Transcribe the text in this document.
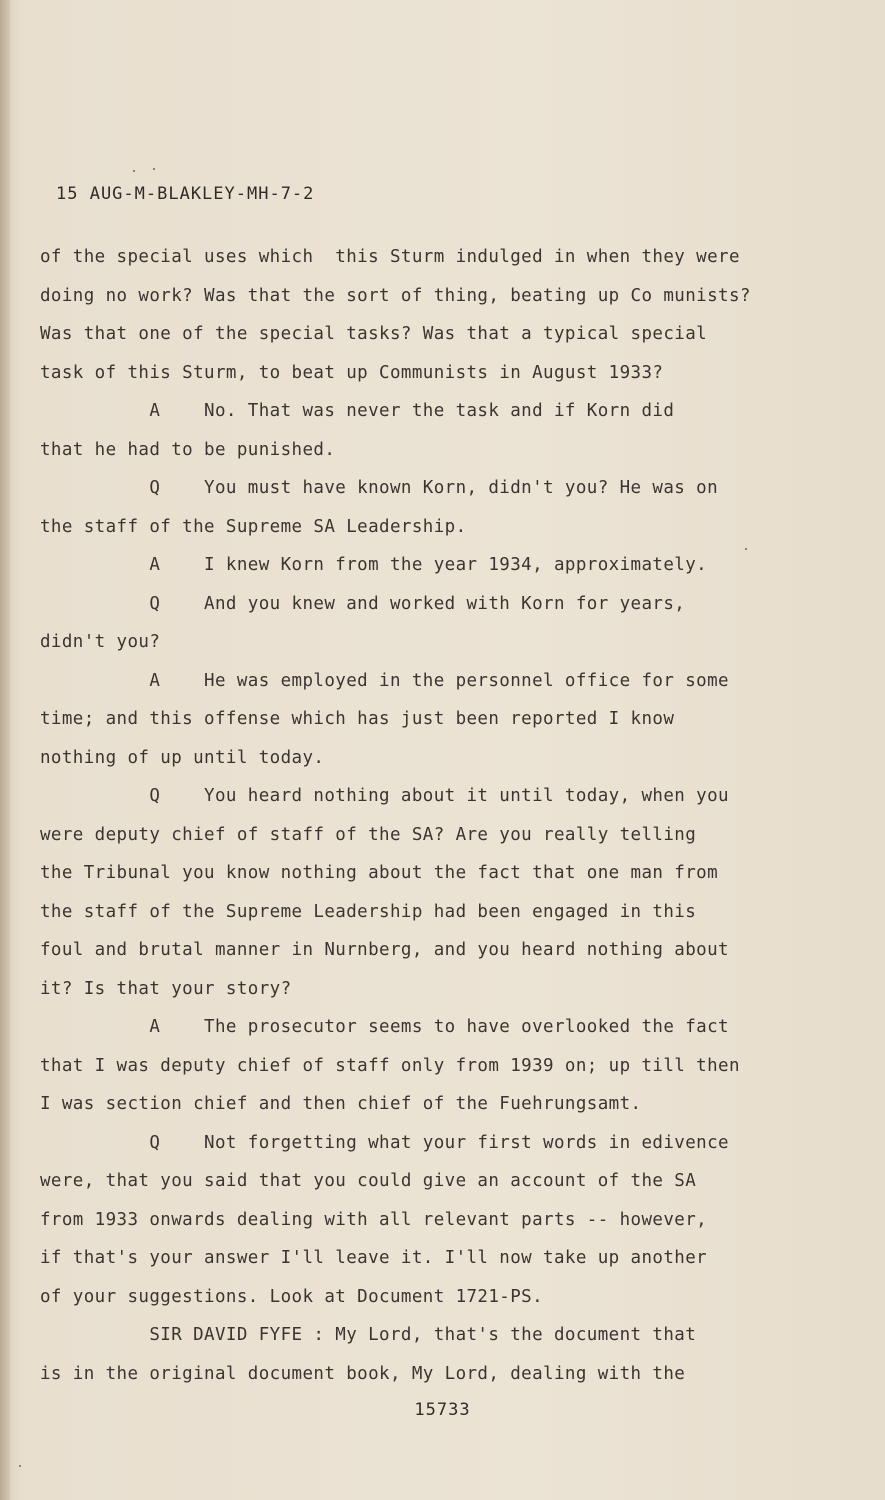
15 AUG-M-BLAKLEY-MH-7-2
of the special uses which  this Sturm indulged in when they were
doing no work? Was that the sort of thing, beating up Co munists?
Was that one of the special tasks? Was that a typical special
task of this Sturm, to beat up Communists in August 1933?
A    No. That was never the task and if Korn did
that he had to be punished.
Q    You must have known Korn, didn't you? He was on
the staff of the Supreme SA Leadership.
A    I knew Korn from the year 1934, approximately.
Q    And you knew and worked with Korn for years,
didn't you?
A    He was employed in the personnel office for some
time; and this offense which has just been reported I know
nothing of up until today.
Q    You heard nothing about it until today, when you
were deputy chief of staff of the SA? Are you really telling
the Tribunal you know nothing about the fact that one man from
the staff of the Supreme Leadership had been engaged in this
foul and brutal manner in Nurnberg, and you heard nothing about
it? Is that your story?
A    The prosecutor seems to have overlooked the fact
that I was deputy chief of staff only from 1939 on; up till then
I was section chief and then chief of the Fuehrungsamt.
Q    Not forgetting what your first words in edivence
were, that you said that you could give an account of the SA
from 1933 onwards dealing with all relevant parts -- however,
if that's your answer I'll leave it. I'll now take up another
of your suggestions. Look at Document 1721-PS.
SIR DAVID FYFE : My Lord, that's the document that
is in the original document book, My Lord, dealing with the
15733
